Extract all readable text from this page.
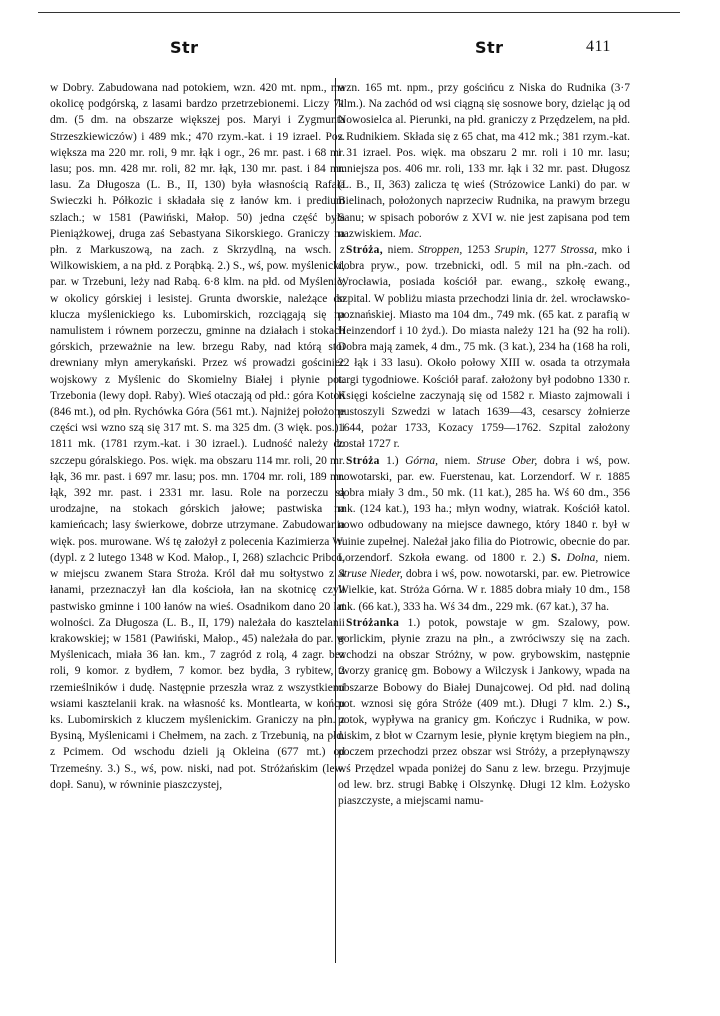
Str	Str	411

w Dobry. Zabudowana nad potokiem, wzn. 420 mt. npm., ma okolicę podgórską, z lasami bardzo przetrzebionemi. Liczy 71 dm. (5 dm. na obszarze większej pos. Maryi i Zygmunta Strzeszkiewiczów) i 489 mk.; 470 rzym.-kat. i 19 izrael. Pos. większa ma 220 mr. roli, 9 mr. łąk i ogr., 26 mr. past. i 68 mr. lasu; pos. mn. 428 mr. roli, 82 mr. łąk, 130 mr. past. i 84 mr. lasu. Za Długosza (L. B., II, 130) była własnością Rafała Swieczki h. Półkozic i składała się z łanów km. i predium szlach.; w 1581 (Pawiński, Małop. 50) jedna część była Pieniążkowej, druga zaś Sebastyana Sikorskiego. Graniczy na płn. z Markuszową, na zach. z Skrzydlną, na wsch. z Wilkowiskiem, a na płd. z Porąbką. 2.) S., wś, pow. myślenicki, par. w Trzebuni, leży nad Rabą. 6·8 klm. na płd. od Myślenic, w okolicy górskiej i lesistej. Grunta dworskie, należące do klucza myślenickiego ks. Lubomirskich, rozciągają się na namulistem i równem porzeczu, gminne na działach i stokach górskich, przeważnie na lew. brzegu Raby, nad którą stoi drewniany młyn amerykański. Przez wś prowadzi gościniec wojskowy z Myślenic do Skomielny Białej i płynie pot. Trzebonia (lewy dopł. Raby). Wieś otaczają od płd.: góra Kotoń (846 mt.), od płn. Rychówka Góra (561 mt.). Najniżej położone części wsi wzno szą się 317 mt. S. ma 325 dm. (3 więk. pos.) i 1811 mk. (1781 rzym.-kat. i 30 izrael.). Ludność należy do szczepu góralskiego. Pos. więk. ma obszaru 114 mr. roli, 20 mr. łąk, 36 mr. past. i 697 mr. lasu; pos. mn. 1704 mr. roli, 189 mr. łąk, 392 mr. past. i 2331 mr. lasu. Role na porzeczu są urodzajne, na stokach górskich jałowe; pastwiska na kamieńcach; lasy świerkowe, dobrze utrzymane. Zabudowania więk. pos. murowane. Wś tę założył z polecenia Kazimierza W. (dypl. z 2 lutego 1348 w Kod. Małop., I, 268) szlachcic Pribco, w miejscu zwanem Stara Stroża. Król dał mu sołtystwo z 4 łanami, przeznaczył łan dla kościoła, łan na skotnicę czyli pastwisko gminne i 100 łanów na wieś. Osadnikom dano 20 lat wolności. Za Długosza (L. B., II, 179) należała do kasztelanii krakowskiej; w 1581 (Pawiński, Małop., 45) należała do par. w Myślenicach, miała 36 łan. km., 7 zagród z rolą, 4 zagr. bez roli, 9 komor. z bydłem, 7 komor. bez bydła, 3 rybitew, 2 rzemieślników i dudę. Następnie przeszła wraz z wszystkiemi wsiami kasztelanii krak. na własność ks. Montlearta, w końcu ks. Lubomirskich z kluczem myślenickim. Graniczy na płn. z Bysiną, Myślenicami i Chełmem, na zach. z Trzebunią, na płd. z Pcimem. Od wschodu dzieli ją Okleina (677 mt.) od Trzemeśny. 3.) S., wś, pow. niski, nad pot. Stróżańskim (lew. dopł. Sanu), w równinie piaszczystej,

wzn. 165 mt. npm., przy gościńcu z Niska do Rudnika (3·7 klm.). Na zachód od wsi ciągną się sosnowe bory, dzieląc ją od Nowosielca al. Pierunki, na płd. graniczy z Przędzelem, na płd. z Rudnikiem. Składa się z 65 chat, ma 412 mk.; 381 rzym.-kat. i 31 izrael. Pos. więk. ma obszaru 2 mr. roli i 10 mr. lasu; mniejsza pos. 406 mr. roli, 133 mr. łąk i 32 mr. past. Długosz (L. B., II, 363) zalicza tę wieś (Strózowice Lanki) do par. w Bielinach, położonych naprzeciw Rudnika, na prawym brzegu Sanu; w spisach poborów z XVI w. nie jest zapisana pod tem nazwiskiem. Mac.

Stróża, niem. Stroppen, 1253 Srupin, 1277 Strossa, mko i dobra pryw., pow. trzebnicki, odl. 5 mil na płn.-zach. od Wrocławia, posiada kościół par. ewang., szkołę ewang., szpital. W pobliżu miasta przechodzi linia dr. żel. wrocławsko-poznańskiej. Miasto ma 104 dm., 749 mk. (65 kat. z parafią w Heinzendorf i 10 żyd.). Do miasta należy 121 ha (92 ha roli). Dobra mają zamek, 4 dm., 75 mk. (3 kat.), 234 ha (168 ha roli, 22 łąk i 33 lasu). Około połowy XIII w. osada ta otrzymała targi tygodniowe. Kościół paraf. założony był podobno 1330 r. Księgi kościelne zaczynają się od 1582 r. Miasto zajmowali i pustoszyli Szwedzi w latach 1639—43, cesarscy żołnierze 1644, pożar 1733, Kozacy 1759—1762. Szpital założony został 1727 r.

Stróża 1.) Górna, niem. Struse Ober, dobra i wś, pow. nowotarski, par. ew. Fuerstenau, kat. Lorzendorf. W r. 1885 dobra miały 3 dm., 50 mk. (11 kat.), 285 ha. Wś 60 dm., 356 mk. (124 kat.), 193 ha.; młyn wodny, wiatrak. Kościół katol. nowo odbudowany na miejsce dawnego, który 1840 r. był w ruinie zupełnej. Należał jako filia do Piotrowic, obecnie do par. Lorzendorf. Szkoła ewang. od 1800 r. 2.) S. Dolna, niem. Struse Nieder, dobra i wś, pow. nowotarski, par. ew. Pietrowice Wielkie, kat. Stróża Górna. W r. 1885 dobra miały 10 dm., 158 mk. (66 kat.), 333 ha. Wś 34 dm., 229 mk. (67 kat.), 37 ha.

Stróżanka 1.) potok, powstaje w gm. Szalowy, pow. gorlickim, płynie zrazu na płn., a zwróciwszy się na zach. wchodzi na obszar Stróżny, w pow. grybowskim, następnie tworzy granicę gm. Bobowy a Wilczysk i Jankowy, wpada na obszarze Bobowy do Białej Dunajcowej. Od płd. nad doliną pot. wznosi się góra Stróże (409 mt.). Długi 7 klm. 2.) S., potok, wypływa na granicy gm. Kończyc i Rudnika, w pow. niskim, z błot w Czarnym lesie, płynie krętym biegiem na płn., poczem przechodzi przez obszar wsi Stróży, a przepłynąwszy wś Przędzel wpada poniżej do Sanu z lew. brzegu. Przyjmuje od lew. brz. strugi Babkę i Olszynkę. Długi 12 klm. Łożysko piaszczyste, a miejscami namu-
